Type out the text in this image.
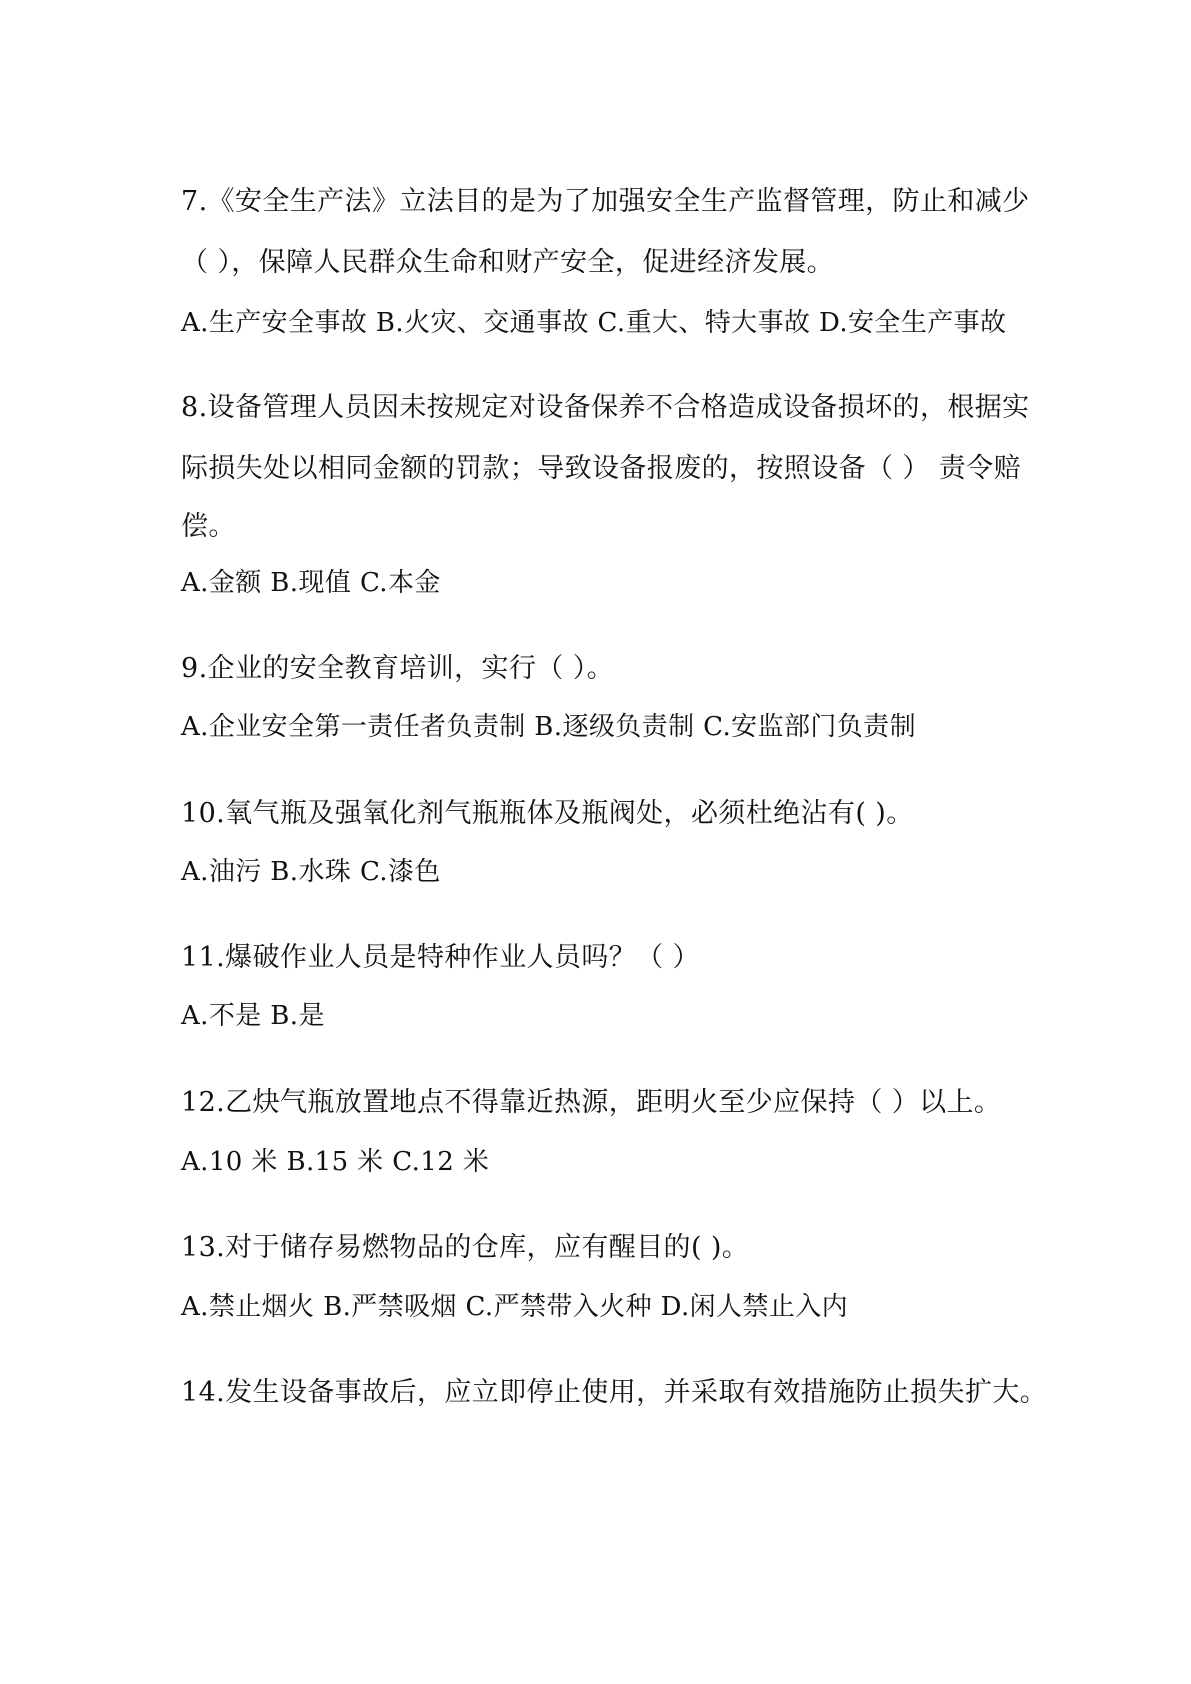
7.《安全生产法》立法目的是为了加强安全生产监督管理，防止和减少
（ ），保障人民群众生命和财产安全，促进经济发展。
A.生产安全事故 B.火灾、交通事故 C.重大、特大事故 D.安全生产事故
8.设备管理人员因未按规定对设备保养不合格造成设备损坏的，根据实
际损失处以相同金额的罚款；导致设备报废的，按照设备（ ） 责令赔
偿。
A.金额 B.现值 C.本金
9.企业的安全教育培训，实行（ ）。
A.企业安全第一责任者负责制 B.逐级负责制 C.安监部门负责制
10.氧气瓶及强氧化剂气瓶瓶体及瓶阀处，必须杜绝沾有( )。
A.油污 B.水珠 C.漆色
11.爆破作业人员是特种作业人员吗？（ ）
A.不是 B.是
12.乙炔气瓶放置地点不得靠近热源，距明火至少应保持（ ）以上。
A.10 米 B.15 米 C.12 米
13.对于储存易燃物品的仓库，应有醒目的( )。
A.禁止烟火 B.严禁吸烟 C.严禁带入火种 D.闲人禁止入内
14.发生设备事故后，应立即停止使用，并采取有效措施防止损失扩大。
